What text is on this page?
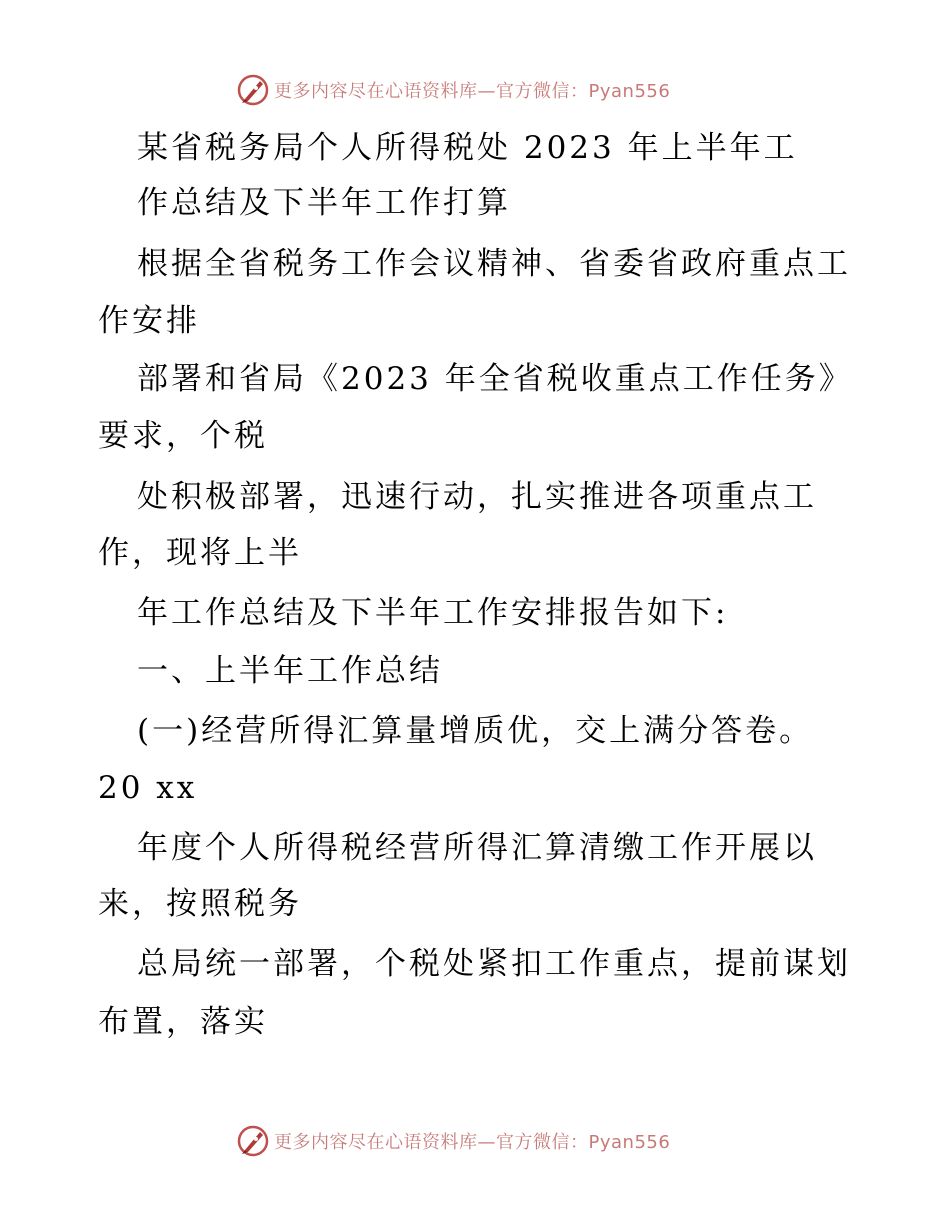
更多内容尽在心语资料库—官方微信：Pyan556
某省税务局个人所得税处 2023 年上半年工
作总结及下半年工作打算
根据全省税务工作会议精神、省委省政府重点工
作安排
部署和省局《2023 年全省税收重点工作任务》
要求，个税
处积极部署，迅速行动，扎实推进各项重点工
作，现将上半
年工作总结及下半年工作安排报告如下:
一、上半年工作总结
(一)经营所得汇算量增质优，交上满分答卷。
20 xx
年度个人所得税经营所得汇算清缴工作开展以
来，按照税务
总局统一部署，个税处紧扣工作重点，提前谋划
布置，落实
更多内容尽在心语资料库—官方微信：Pyan556
